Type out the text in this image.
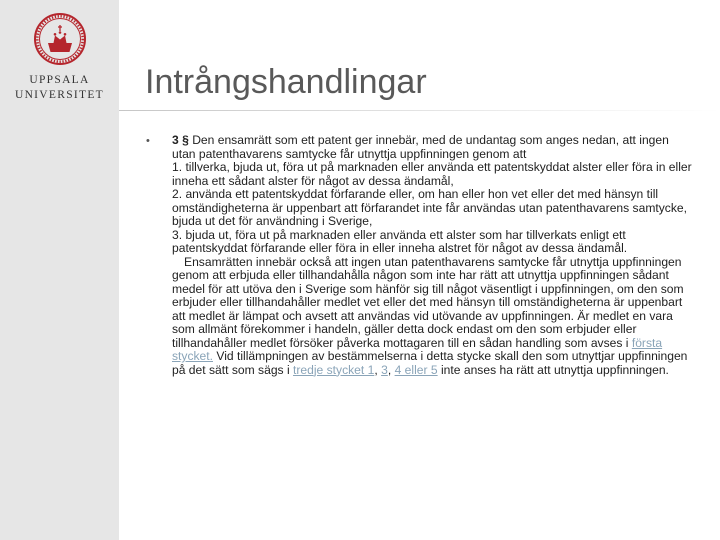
UPPSALA
UNIVERSITET	Intrångshandlingar
• 3 § Den ensamrätt som ett patent ger innebär, med de undantag som anges nedan, att ingen utan patenthavarens samtycke får utnyttja uppfinningen genom att
1. tillverka, bjuda ut, föra ut på marknaden eller använda ett patentskyddat alster eller föra in eller inneha ett sådant alster för något av dessa ändamål,
2. använda ett patentskyddat förfarande eller, om han eller hon vet eller det med hänsyn till omständigheterna är uppenbart att förfarandet inte får användas utan patenthavarens samtycke, bjuda ut det för användning i Sverige,
3. bjuda ut, föra ut på marknaden eller använda ett alster som har tillverkats enligt ett patentskyddat förfarande eller föra in eller inneha alstret för något av dessa ändamål.
Ensamrätten innebär också att ingen utan patenthavarens samtycke får utnyttja uppfinningen genom att erbjuda eller tillhandahålla någon som inte har rätt att utnyttja uppfinningen sådant medel för att utöva den i Sverige som hänför sig till något väsentligt i uppfinningen, om den som erbjuder eller tillhandahåller medlet vet eller det med hänsyn till omständigheterna är uppenbart att medlet är lämpat och avsett att användas vid utövande av uppfinningen. Är medlet en vara som allmänt förekommer i handeln, gäller detta dock endast om den som erbjuder eller tillhandahåller medlet försöker påverka mottagaren till en sådan handling som avses i första stycket. Vid tillämpningen av bestämmelserna i detta stycke skall den som utnyttjar uppfinningen på det sätt som sägs i tredje stycket 1, 3, 4 eller 5 inte anses ha rätt att utnyttja uppfinningen.
